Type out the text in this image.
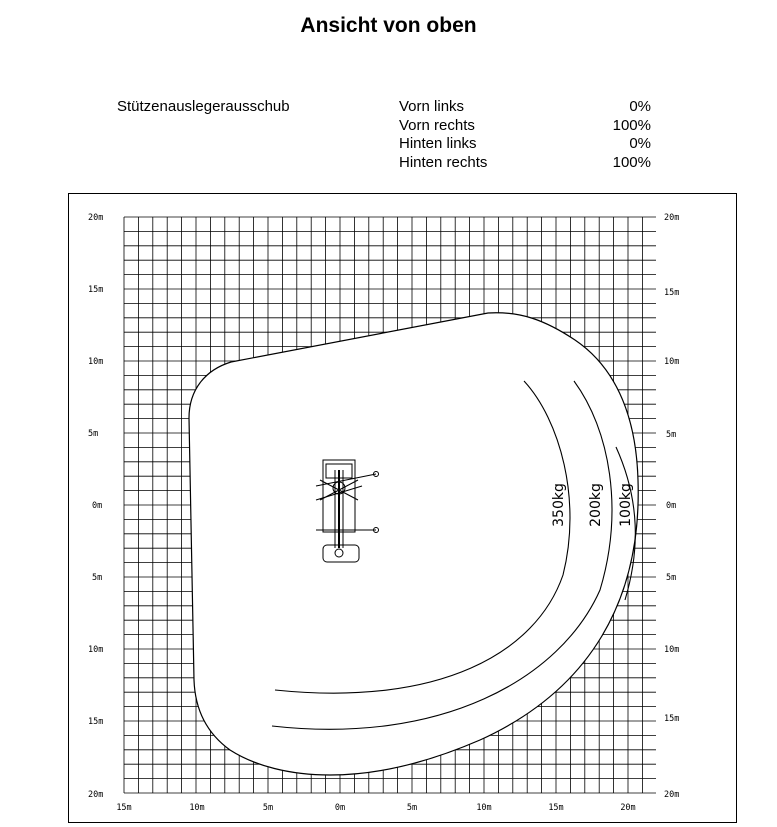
Ansicht von oben
Stützenauslegerausschub	Vorn links	0%
Vorn rechts	100%
Hinten links	0%
Hinten rechts	100%
350kg 200kg 100kg
20m
15m
10m
5m
0m
5m
10m
15m
20m
20m
15m
10m
5m
0m
5m
10m
15m
20m
15m	10m	5m	0m	5m	10m	15m	20m
